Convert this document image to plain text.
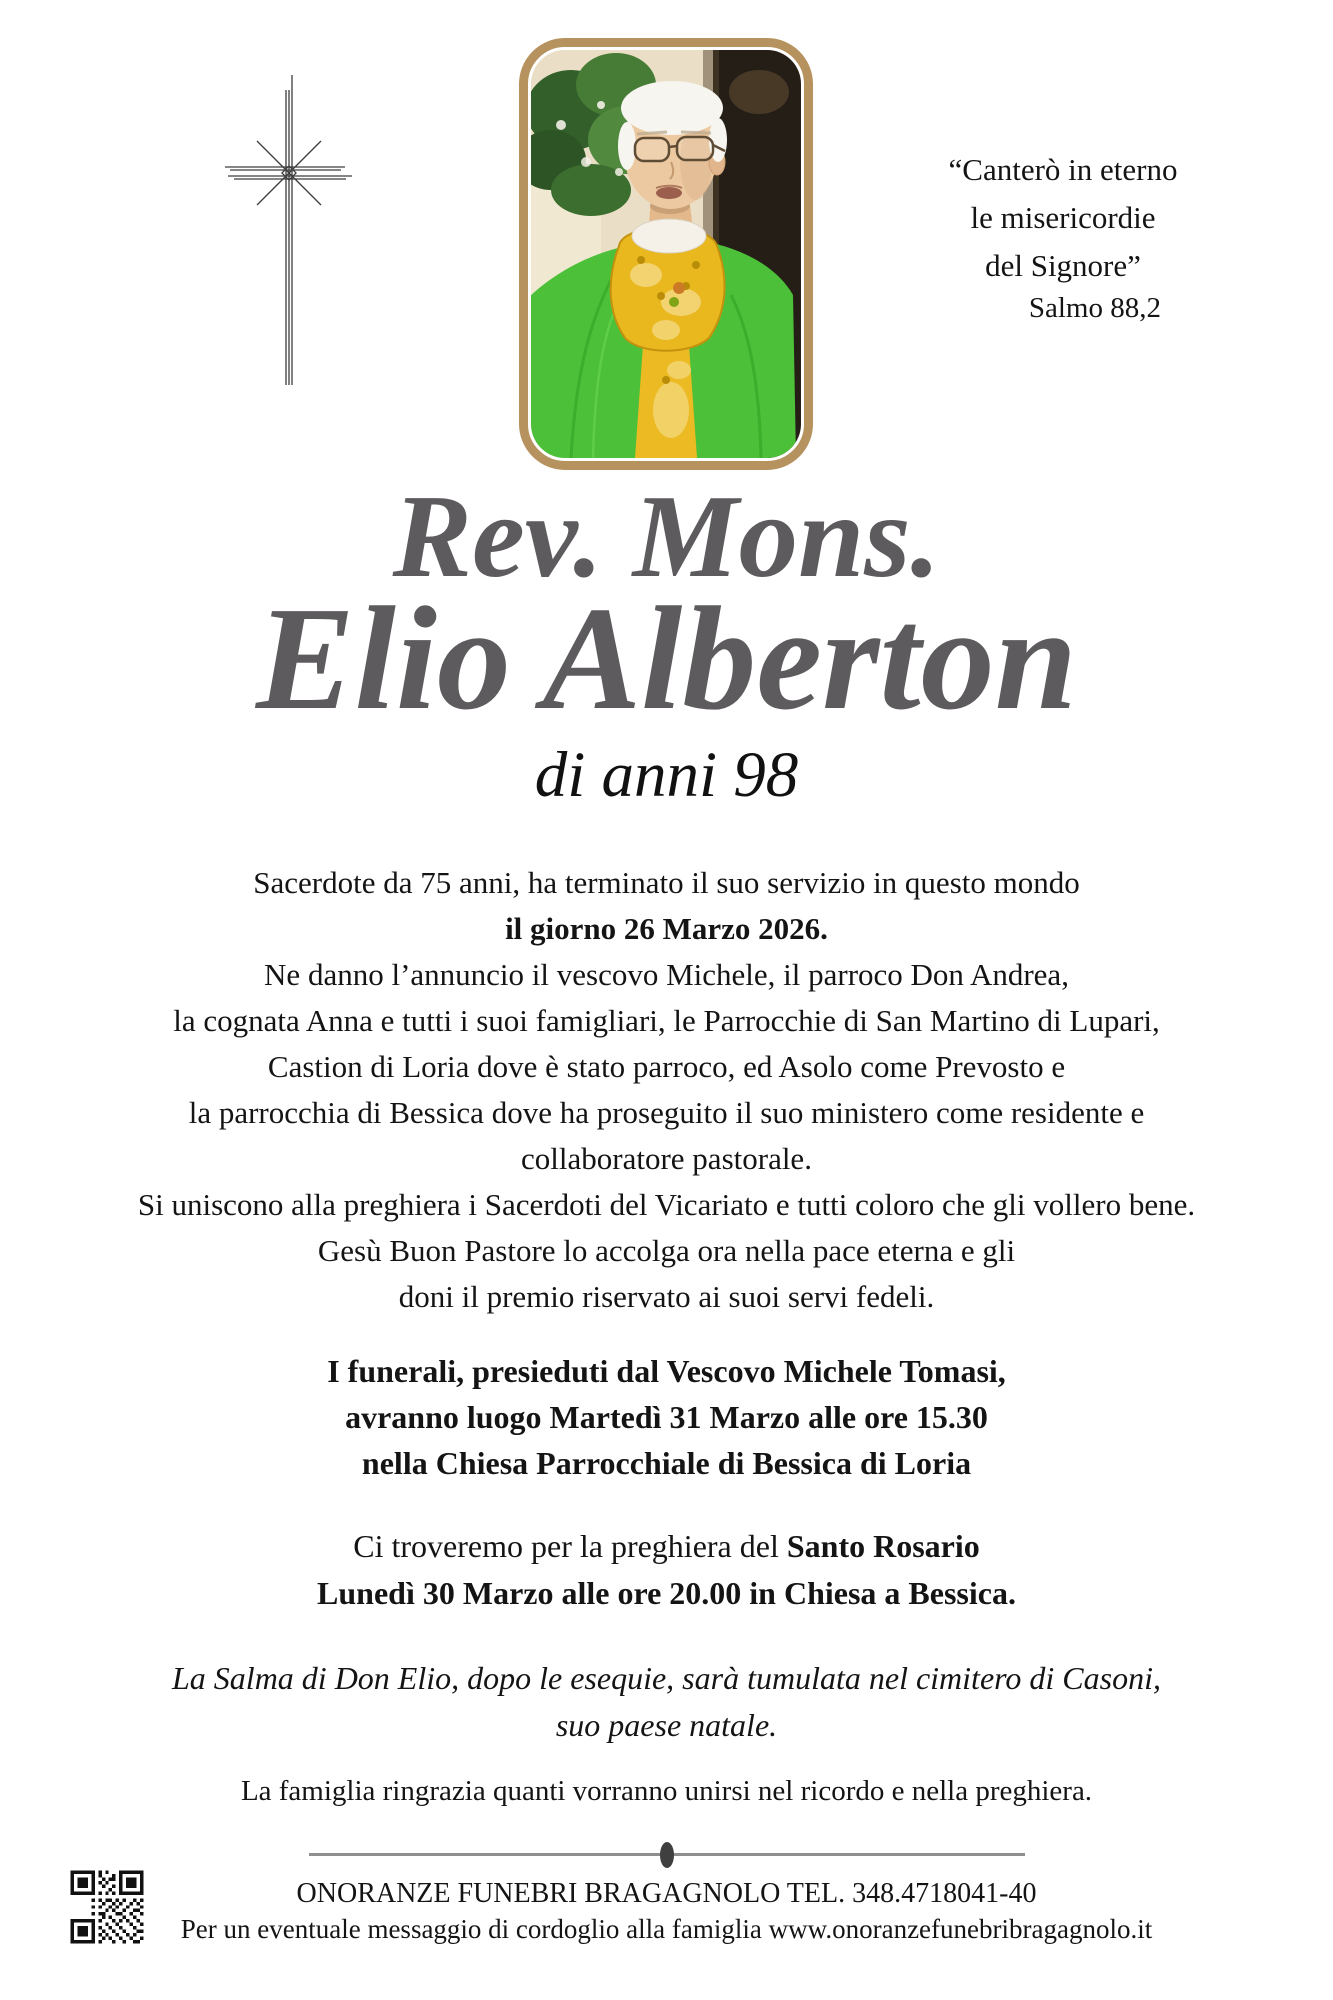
“Canterò in eterno
le misericordie
del Signore”
Salmo 88,2
Rev. Mons.
Elio Alberton
di anni 98
Sacerdote da 75 anni, ha terminato il suo servizio in questo mondo
il giorno 26 Marzo 2026.
Ne danno l’annuncio il vescovo Michele, il parroco Don Andrea,
la cognata Anna e tutti i suoi famigliari, le Parrocchie di San Martino di Lupari,
Castion di Loria dove è stato parroco, ed Asolo come Prevosto e
la parrocchia di Bessica dove ha proseguito il suo ministero come residente e
collaboratore pastorale.
Si uniscono alla preghiera i Sacerdoti del Vicariato e tutti coloro che gli vollero bene.
Gesù Buon Pastore lo accolga ora nella pace eterna e gli
doni il premio riservato ai suoi servi fedeli.
I funerali, presieduti dal Vescovo Michele Tomasi,
avranno luogo Martedì 31 Marzo alle ore 15.30
nella Chiesa Parrocchiale di Bessica di Loria
Ci troveremo per la preghiera del Santo Rosario
Lunedì 30 Marzo alle ore 20.00 in Chiesa a Bessica.
La Salma di Don Elio, dopo le esequie, sarà tumulata nel cimitero di Casoni,
suo paese natale.
La famiglia ringrazia quanti vorranno unirsi nel ricordo e nella preghiera.
ONORANZE FUNEBRI BRAGAGNOLO TEL. 348.4718041-40
Per un eventuale messaggio di cordoglio alla famiglia www.onoranzefunebribragagnolo.it
